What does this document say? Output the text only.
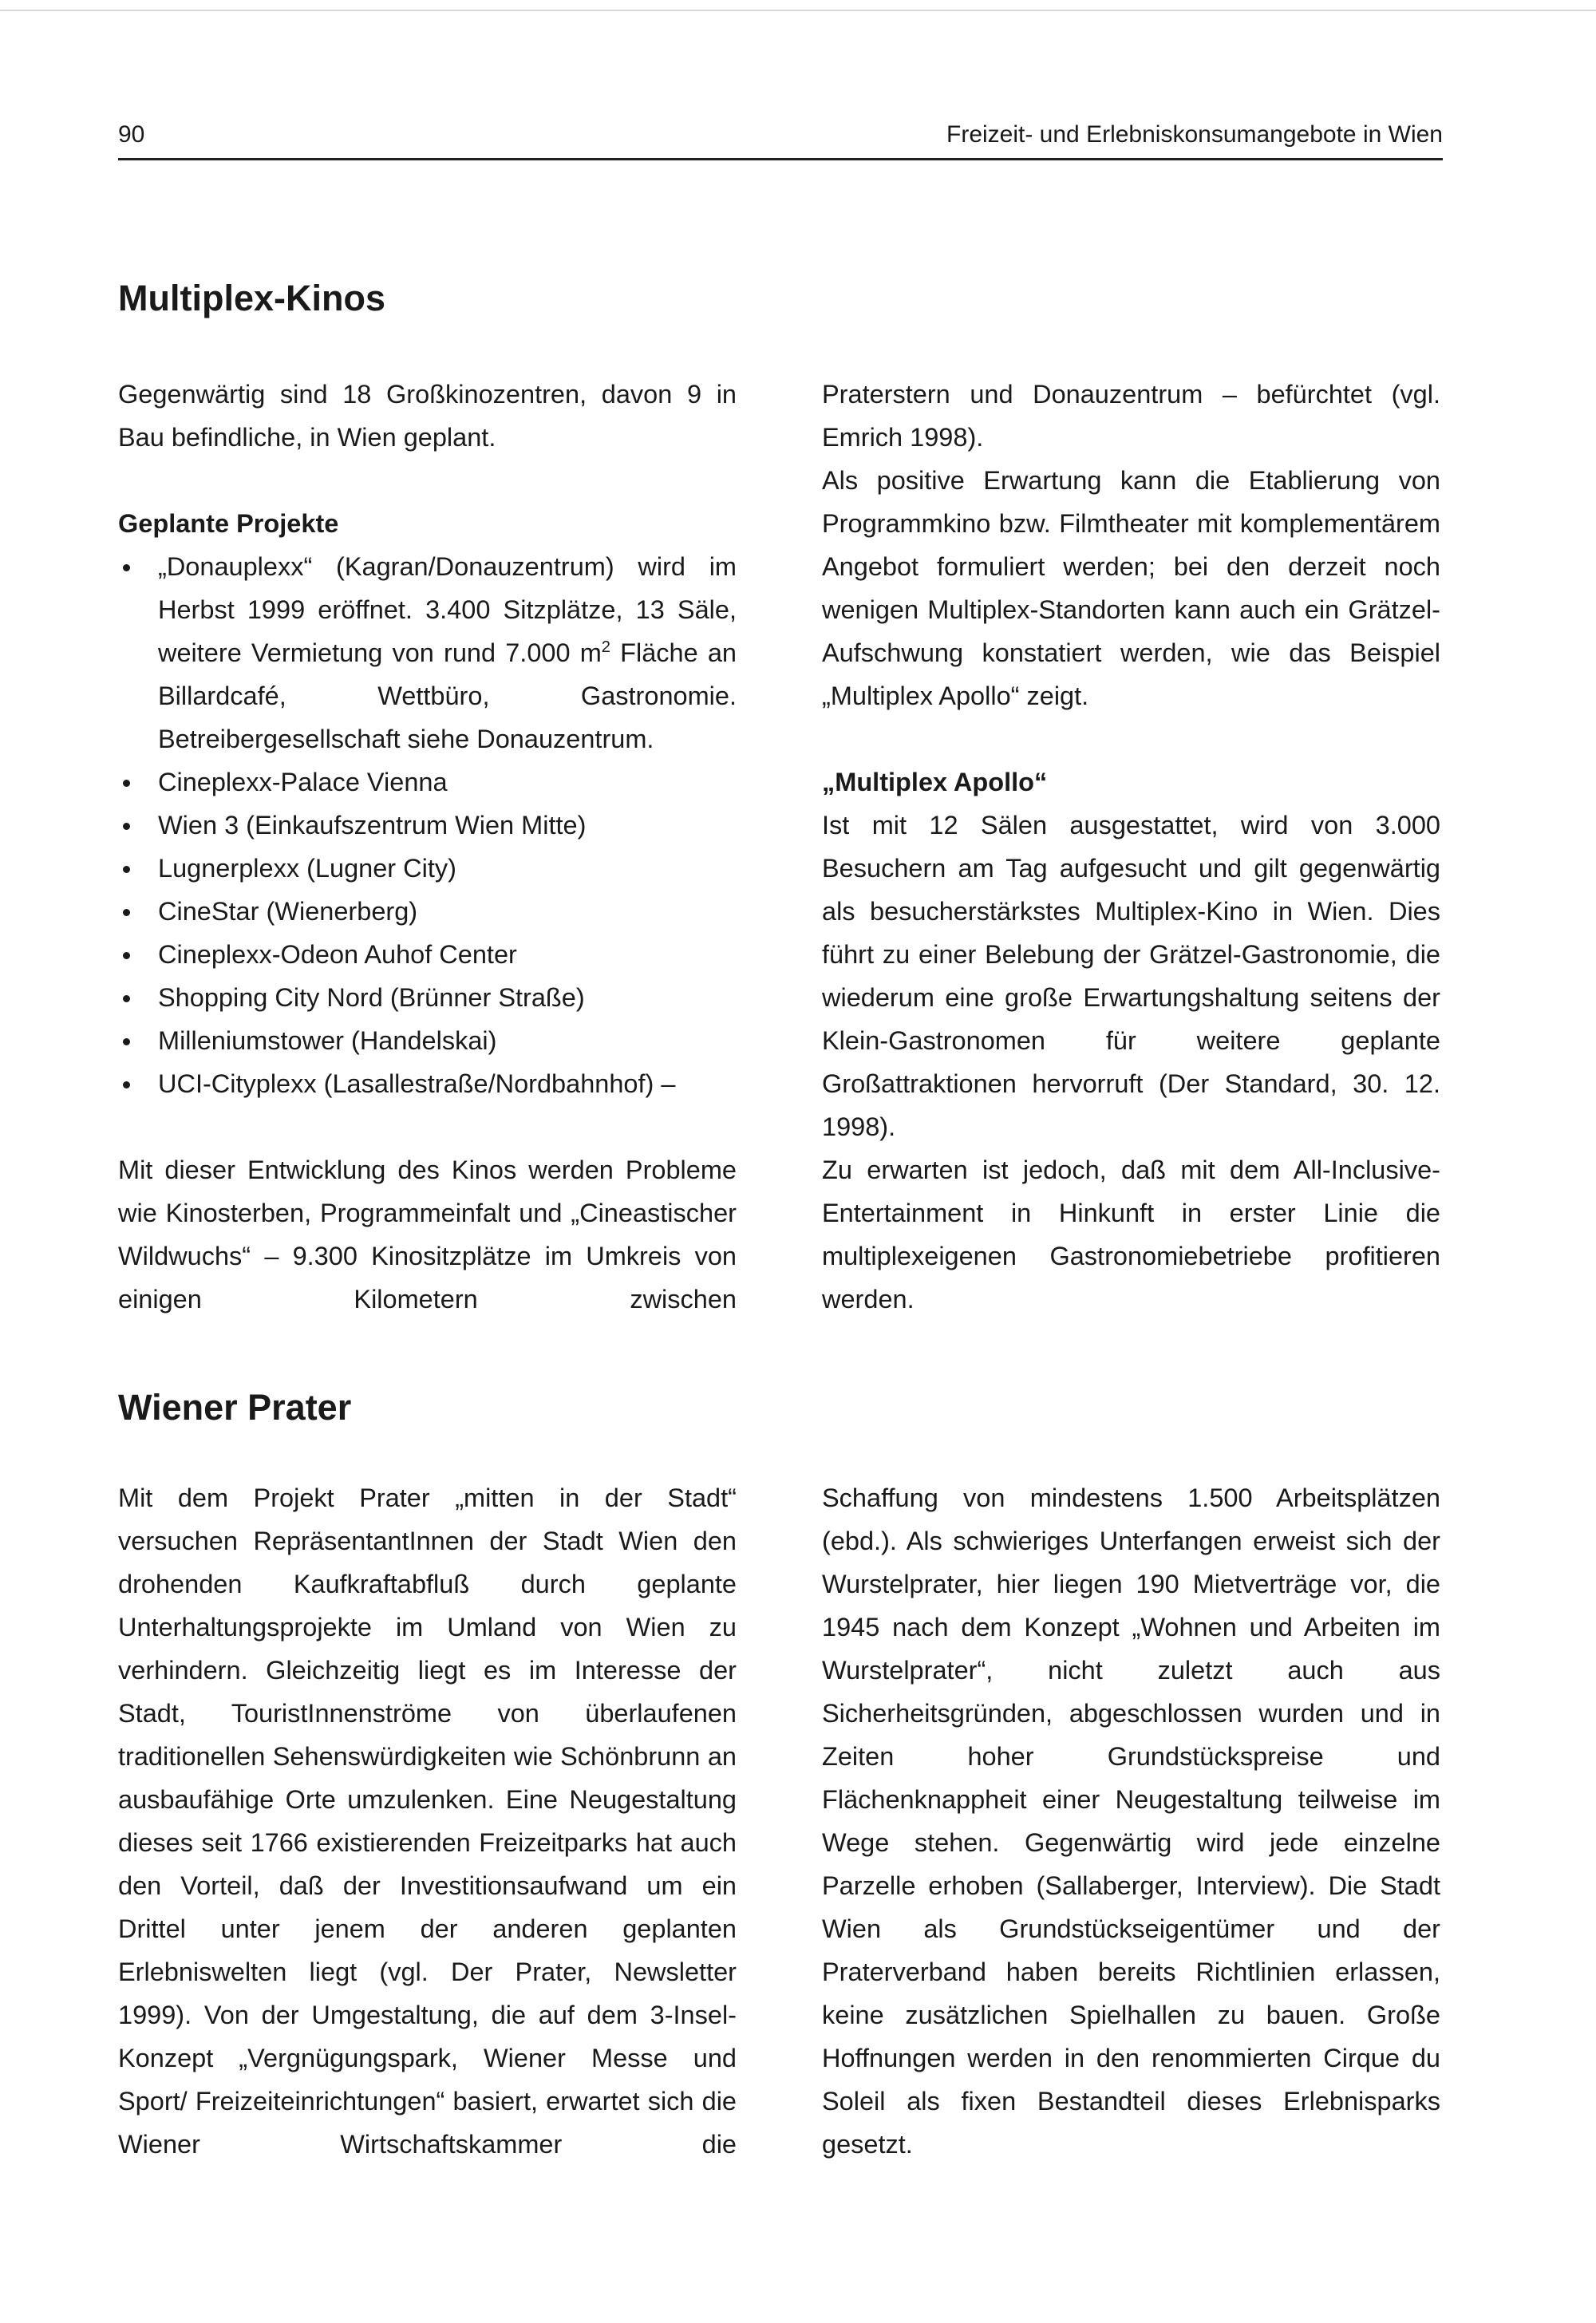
90	Freizeit- und Erlebniskonsumangebote in Wien
Multiplex-Kinos

Gegenwärtig sind 18 Großkinozentren, davon 9 in Bau befindliche, in Wien geplant.

Geplante Projekte

„Donauplexx“ (Kagran/Donauzentrum) wird im Herbst 1999 eröffnet. 3.400 Sitzplätze, 13 Säle, weitere Vermietung von rund 7.000 $m^2$ Fläche an Billardcafé, Wettbüro, Gastronomie. Betreibergesellschaft siehe Donauzentrum.
Cineplexx-Palace Vienna
Wien 3 (Einkaufszentrum Wien Mitte)
Lugnerplexx (Lugner City)
CineStar (Wienerberg)
Cineplexx-Odeon Auhof Center
Shopping City Nord (Brünner Straße)
Milleniumstower (Handelskai)
UCI-Cityplexx (Lasallestraße/Nordbahnhof) –

Mit dieser Entwicklung des Kinos werden Probleme wie Kinosterben, Programmeinfalt und „Cineastischer Wildwuchs“ – 9.300 Kinositzplätze im Umkreis von einigen Kilometern zwischen

Praterstern und Donauzentrum – befürchtet (vgl. Emrich 1998).

Als positive Erwartung kann die Etablierung von Programmkino bzw. Filmtheater mit komplementärem Angebot formuliert werden; bei den derzeit noch wenigen Multiplex-Standorten kann auch ein Grätzel-Aufschwung konstatiert werden, wie das Beispiel „Multiplex Apollo“ zeigt.

„Multiplex Apollo“

Ist mit 12 Sälen ausgestattet, wird von 3.000 Besuchern am Tag aufgesucht und gilt gegenwärtig als besucherstärkstes Multiplex-Kino in Wien. Dies führt zu einer Belebung der Grätzel-Gastronomie, die wiederum eine große Erwartungshaltung seitens der Klein-Gastronomen für weitere geplante Großattraktionen hervorruft (Der Standard, 30. 12. 1998).

Zu erwarten ist jedoch, daß mit dem All-Inclusive-Entertainment in Hinkunft in erster Linie die multiplexeigenen Gastronomiebetriebe profitieren werden.

Wiener Prater

Mit dem Projekt Prater „mitten in der Stadt“ versuchen RepräsentantInnen der Stadt Wien den drohenden Kaufkraftabfluß durch geplante Unterhaltungsprojekte im Umland von Wien zu verhindern. Gleichzeitig liegt es im Interesse der Stadt, TouristInnenströme von überlaufenen traditionellen Sehenswürdigkeiten wie Schönbrunn an ausbaufähige Orte umzulenken. Eine Neugestaltung dieses seit 1766 existierenden Freizeitparks hat auch den Vorteil, daß der Investitionsaufwand um ein Drittel unter jenem der anderen geplanten Erlebniswelten liegt (vgl. Der Prater, Newsletter 1999). Von der Umgestaltung, die auf dem 3-Insel-Konzept „Vergnügungspark, Wiener Messe und Sport/ Freizeiteinrichtungen“ basiert, erwartet sich die Wiener Wirtschaftskammer die

Schaffung von mindestens 1.500 Arbeitsplätzen (ebd.). Als schwieriges Unterfangen erweist sich der Wurstelprater, hier liegen 190 Mietverträge vor, die 1945 nach dem Konzept „Wohnen und Arbeiten im Wurstelprater“, nicht zuletzt auch aus Sicherheitsgründen, abgeschlossen wurden und in Zeiten hoher Grundstückspreise und Flächenknappheit einer Neugestaltung teilweise im Wege stehen. Gegenwärtig wird jede einzelne Parzelle erhoben (Sallaberger, Interview). Die Stadt Wien als Grundstückseigentümer und der Praterverband haben bereits Richtlinien erlassen, keine zusätzlichen Spielhallen zu bauen. Große Hoffnungen werden in den renommierten Cirque du Soleil als fixen Bestandteil dieses Erlebnisparks gesetzt.
